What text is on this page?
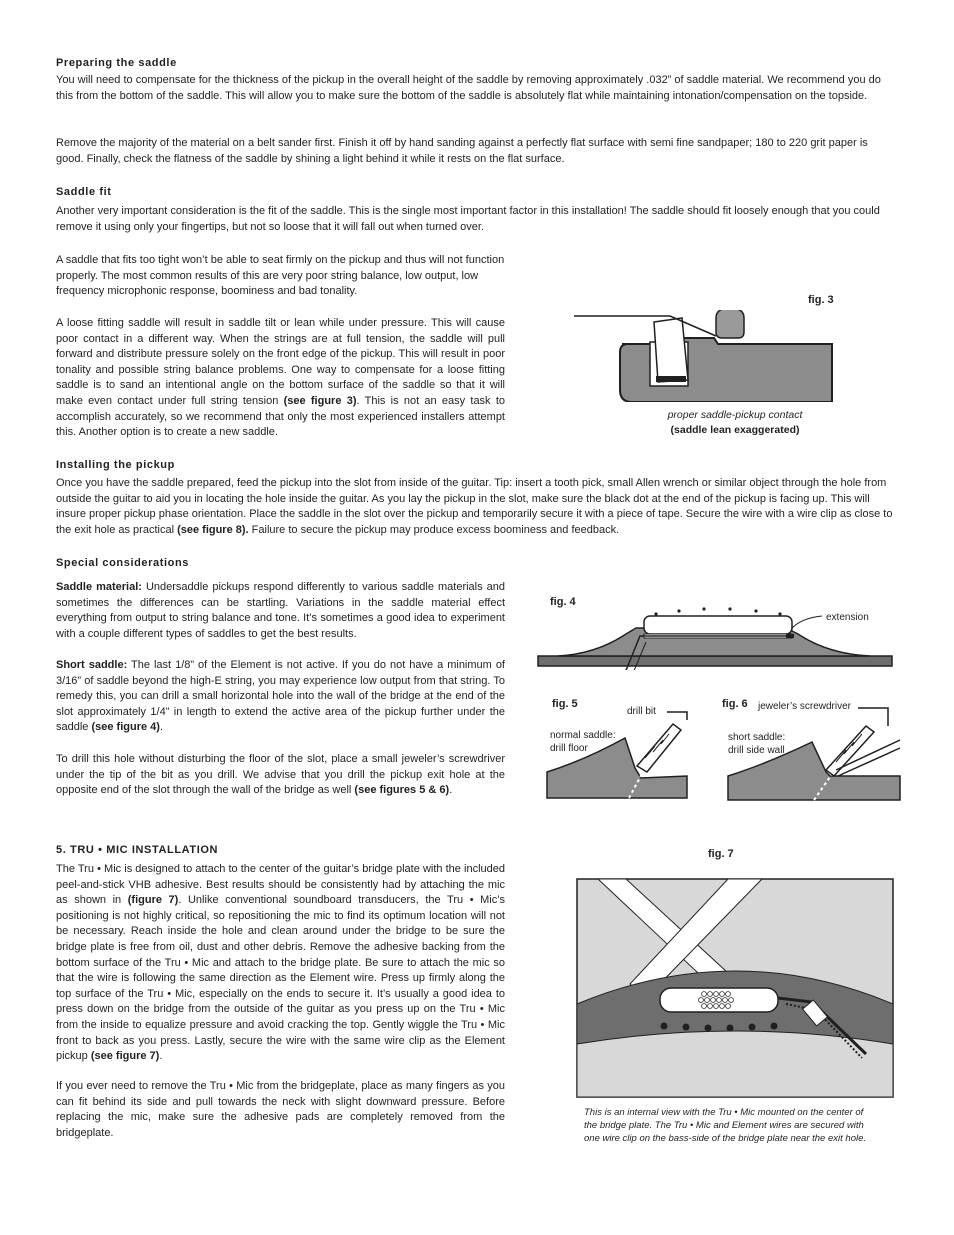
Preparing the saddle

You will need to compensate for the thickness of the pickup in the overall height of the saddle by removing approximately .032” of saddle material. We recommend you do this from the bottom of the saddle. This will allow you to make sure the bottom of the saddle is absolutely flat while maintaining intonation/compensation on the topside.

Remove the majority of the material on a belt sander first. Finish it off by hand sanding against a perfectly flat surface with semi fine sandpaper; 180 to 220 grit paper is good. Finally, check the flatness of the saddle by shining a light behind it while it rests on the flat surface.

Saddle fit

Another very important consideration is the fit of the saddle. This is the single most important factor in this installation! The saddle should fit loosely enough that you could remove it using only your fingertips, but not so loose that it will fall out when turned over.

A saddle that fits too tight won’t be able to seat firmly on the pickup and thus will not function properly. The most common results of this are very poor string balance, low output, low frequency microphonic response, boominess and bad tonality.

A loose fitting saddle will result in saddle tilt or lean while under pressure. This will cause poor contact in a different way. When the strings are at full tension, the saddle will pull forward and distribute pressure solely on the front edge of the pickup. This will result in poor tonality and possible string balance problems. One way to compensate for a loose fitting saddle is to sand an intentional angle on the bottom surface of the saddle so that it will make even contact under full string tension (see figure 3). This is not an easy task to accomplish accurately, so we recommend that only the most experienced installers attempt this. Another option is to create a new saddle.

fig. 3
proper saddle-pickup contact
(saddle lean exaggerated)
Installing the pickup

Once you have the saddle prepared, feed the pickup into the slot from inside of the guitar. Tip: insert a tooth pick, small Allen wrench or similar object through the hole from outside the guitar to aid you in locating the hole inside the guitar. As you lay the pickup in the slot, make sure the black dot at the end of the pickup is facing up. This will insure proper pickup phase orientation. Place the saddle in the slot over the pickup and temporarily secure it with a piece of tape. Secure the wire with a wire clip as close to the exit hole as practical (see figure 8). Failure to secure the pickup may produce excess boominess and feedback.

Special considerations

Saddle material: Undersaddle pickups respond differently to various saddle materials and sometimes the differences can be startling. Variations in the saddle material effect everything from output to string balance and tone. It’s sometimes a good idea to experiment with a couple different types of saddles to get the best results.

Short saddle: The last 1/8” of the Element is not active. If you do not have a minimum of 3/16” of saddle beyond the high-E string, you may experience low output from that string. To remedy this, you can drill a small horizontal hole into the wall of the bridge at the end of the slot approximately 1/4” in length to extend the active area of the pickup further under the saddle (see figure 4).

To drill this hole without disturbing the floor of the slot, place a small jeweler’s screwdriver under the tip of the bit as you drill. We advise that you drill the pickup exit hole at the opposite end of the slot through the wall of the bridge as well (see figures 5 & 6).

fig. 4
extension
fig. 5
drill bit
normal saddle:
drill floor
fig. 6 jeweler’s screwdriver
short saddle:
drill side wall
5. TRU • MIC INSTALLATION

The Tru • Mic is designed to attach to the center of the guitar’s bridge plate with the included peel-and-stick VHB adhesive. Best results should be consistently had by attaching the mic as shown in (figure 7). Unlike conventional soundboard transducers, the Tru • Mic’s positioning is not highly critical, so repositioning the mic to find its optimum location will not be necessary. Reach inside the hole and clean around under the bridge to be sure the bridge plate is free from oil, dust and other debris. Remove the adhesive backing from the bottom surface of the Tru • Mic and attach to the bridge plate. Be sure to attach the mic so that the wire is following the same direction as the Element wire. Press up firmly along the top surface of the Tru • Mic, especially on the ends to secure it. It’s usually a good idea to press down on the bridge from the outside of the guitar as you press up on the Tru • Mic from the inside to equalize pressure and avoid cracking the top. Gently wiggle the Tru • Mic front to back as you press. Lastly, secure the wire with the same wire clip as the Element pickup (see figure 7).

If you ever need to remove the Tru • Mic from the bridgeplate, place as many fingers as you can fit behind its side and pull towards the neck with slight downward pressure. Before replacing the mic, make sure the adhesive pads are completely removed from the bridgeplate.

fig. 7
This is an internal view with the Tru • Mic mounted on the center of the bridge plate. The Tru • Mic and Element wires are secured with one wire clip on the bass-side of the bridge plate near the exit hole.
